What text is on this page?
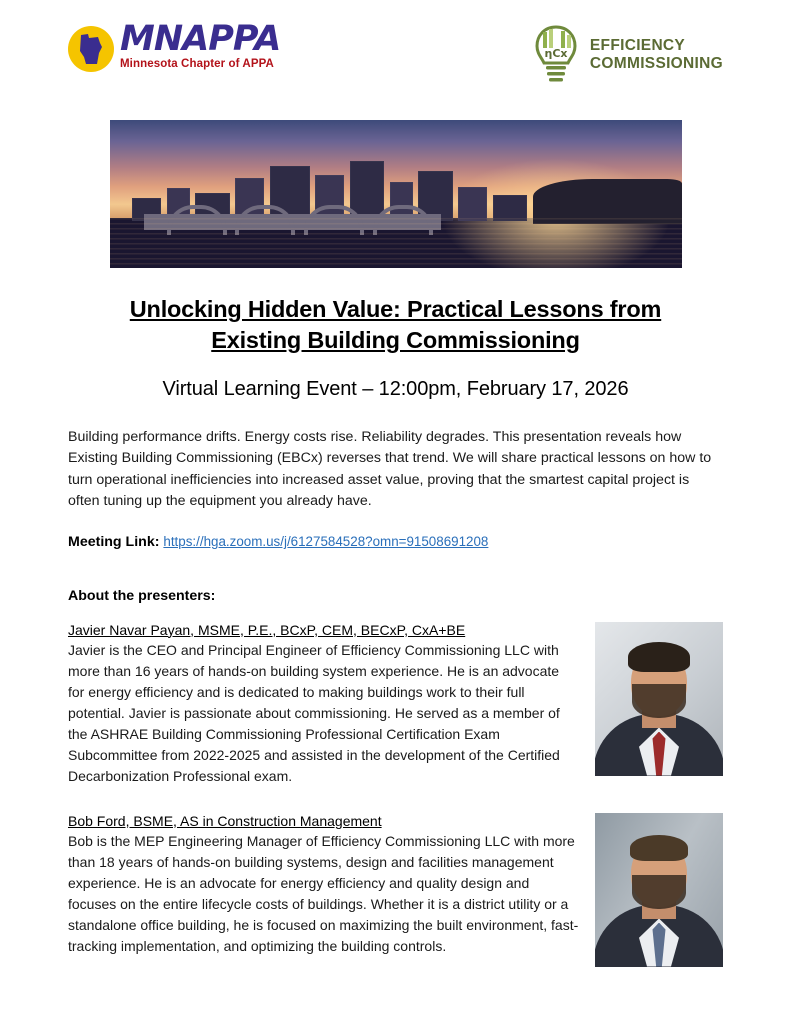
MNAPPA
Minnesota Chapter of APPA
ηCx EFFICIENCY
COMMISSIONING
Unlocking Hidden Value: Practical Lessons from Existing Building Commissioning
Virtual Learning Event – 12:00pm, February 17, 2026
Building performance drifts. Energy costs rise. Reliability degrades. This presentation reveals how Existing Building Commissioning (EBCx) reverses that trend. We will share practical lessons on how to turn operational inefficiencies into increased asset value, proving that the smartest capital project is often tuning up the equipment you already have.
Meeting Link: https://hga.zoom.us/j/6127584528?omn=91508691208
About the presenters:
Javier Navar Payan, MSME, P.E., BCxP, CEM, BECxP, CxA+BE
Javier is the CEO and Principal Engineer of Efficiency Commissioning LLC with more than 16 years of hands-on building system experience. He is an advocate for energy efficiency and is dedicated to making buildings work to their full potential. Javier is passionate about commissioning. He served as a member of the ASHRAE Building Commissioning Professional Certification Exam Subcommittee from 2022-2025 and assisted in the development of the Certified Decarbonization Professional exam.
Bob Ford, BSME, AS in Construction Management
Bob is the MEP Engineering Manager of Efficiency Commissioning LLC with more than 18 years of hands-on building systems, design and facilities management experience. He is an advocate for energy efficiency and quality design and focuses on the entire lifecycle costs of buildings. Whether it is a district utility or a standalone office building, he is focused on maximizing the built environment, fast-tracking implementation, and optimizing the building controls.
